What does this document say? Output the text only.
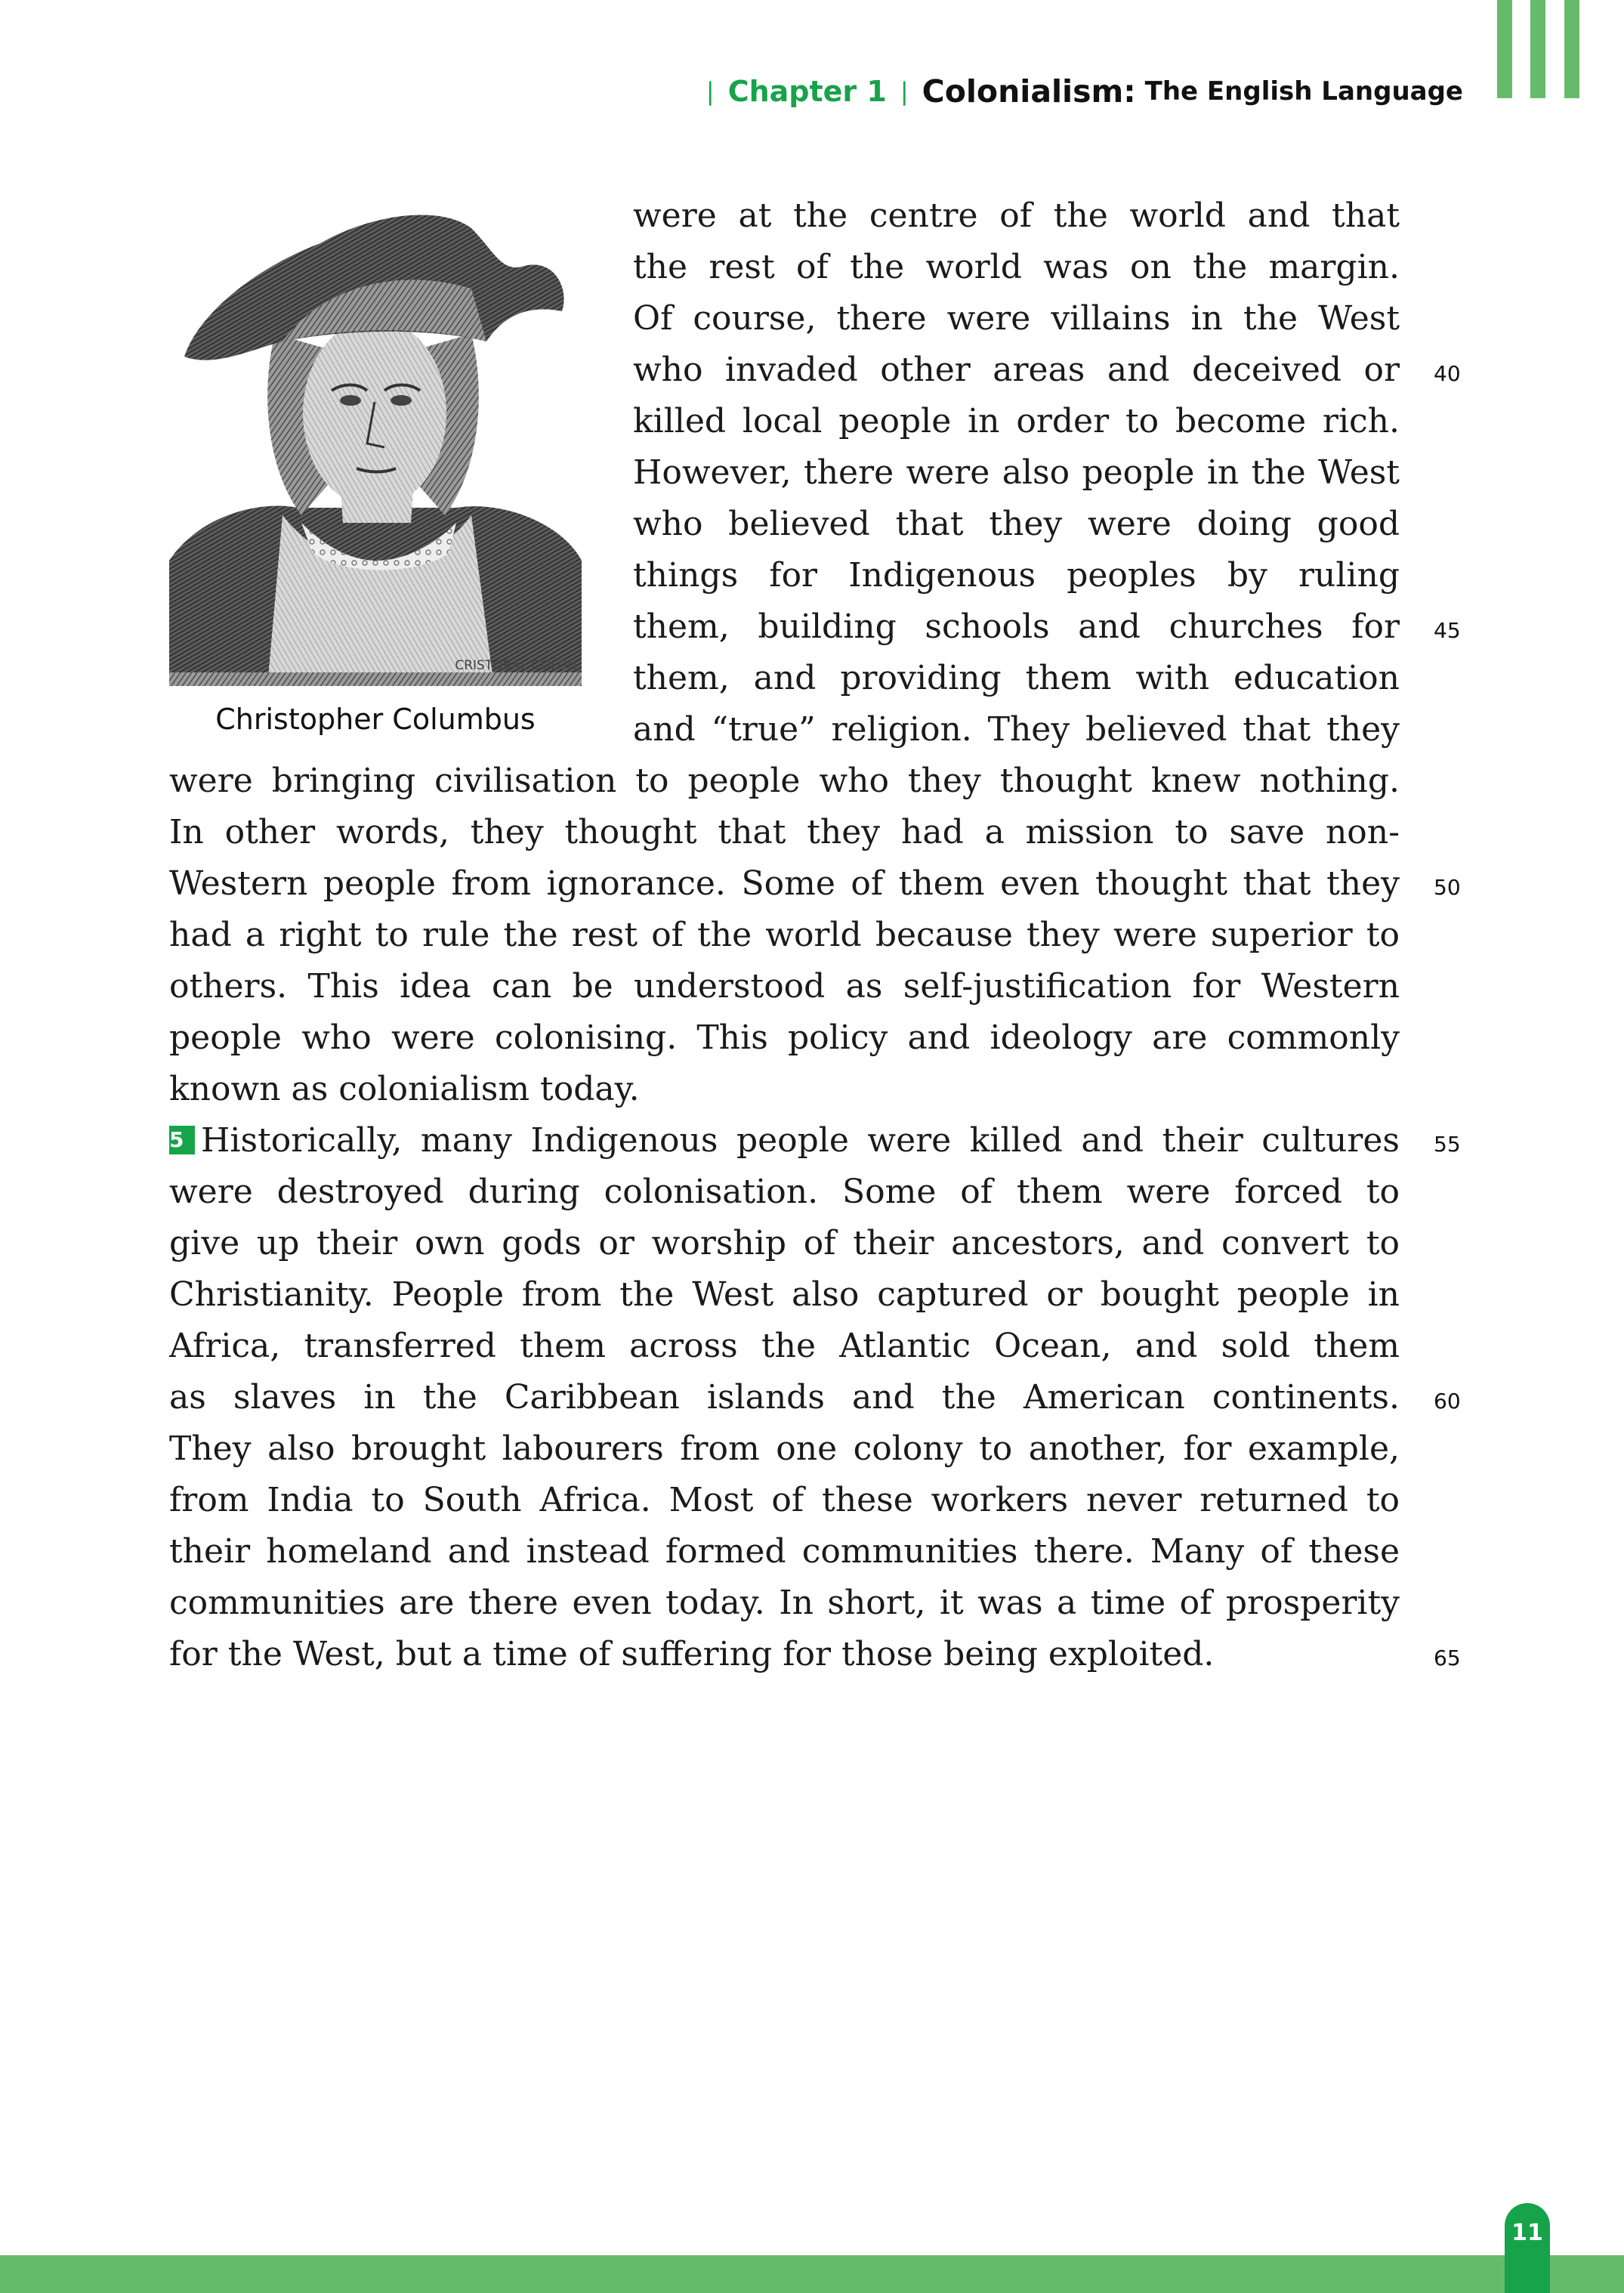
| Chapter 1 | Colonialism: The English Language
CRISTOBAL COLON
Christopher Columbus
were at the centre of the world and that
the rest of the world was on the margin.
Of course, there were villains in the West
who invaded other areas and deceived or
killed local people in order to become rich.
However, there were also people in the West
who believed that they were doing good
things for Indigenous peoples by ruling
them, building schools and churches for
them, and providing them with education
and “true” religion. They believed that they
were bringing civilisation to people who they thought knew nothing.
In other words, they thought that they had a mission to save non-
Western people from ignorance. Some of them even thought that they
had a right to rule the rest of the world because they were superior to
others. This idea can be understood as self-justification for Western
people who were colonising. This policy and ideology are commonly
known as colonialism today.
5 Historically, many Indigenous people were killed and their cultures
were destroyed during colonisation. Some of them were forced to
give up their own gods or worship of their ancestors, and convert to
Christianity. People from the West also captured or bought people in
Africa, transferred them across the Atlantic Ocean, and sold them
as slaves in the Caribbean islands and the American continents.
They also brought labourers from one colony to another, for example,
from India to South Africa. Most of these workers never returned to
their homeland and instead formed communities there. Many of these
communities are there even today. In short, it was a time of prosperity
for the West, but a time of suffering for those being exploited.
40
45
50
55
60
65
11
